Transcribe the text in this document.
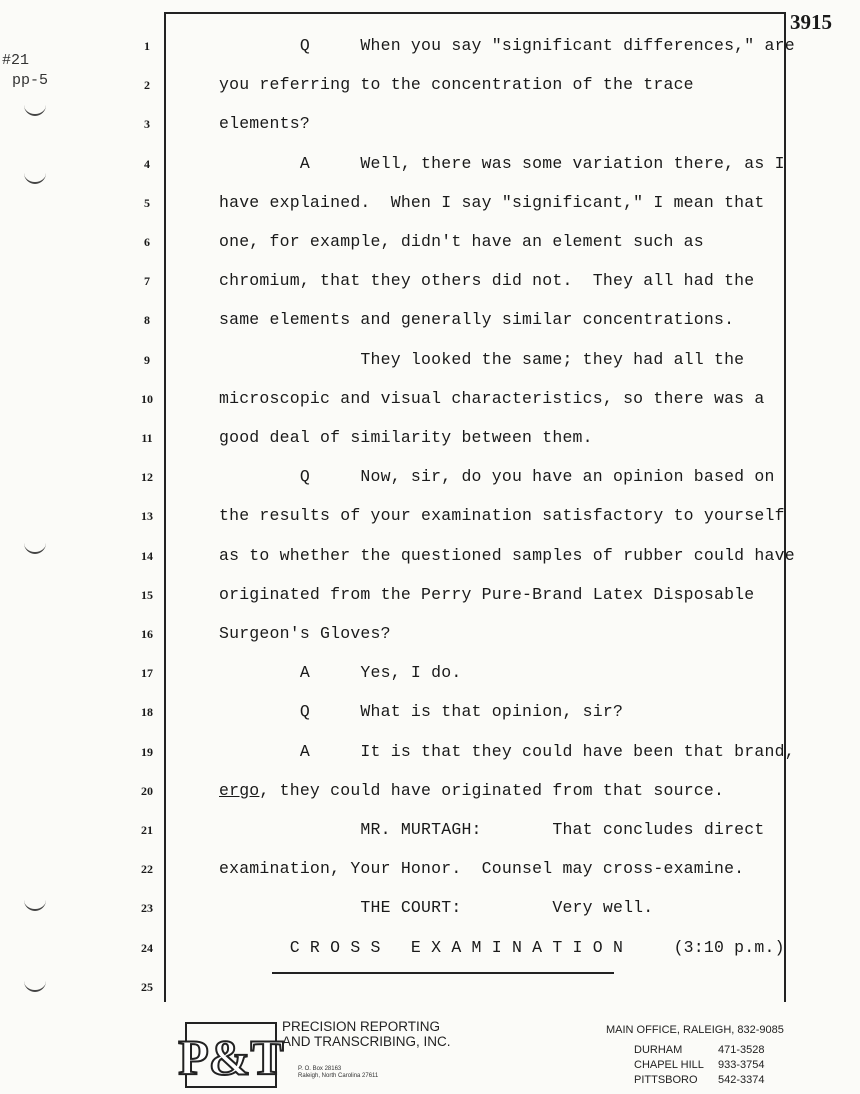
#21
pp-5
3915
1	Q     When you say "significant differences," are
2	you referring to the concentration of the trace
3	elements?
4	A     Well, there was some variation there, as I
5	have explained.  When I say "significant," I mean that
6	one, for example, didn't have an element such as
7	chromium, that they others did not.  They all had the
8	same elements and generally similar concentrations.
9	They looked the same; they had all the
10	microscopic and visual characteristics, so there was a
11	good deal of similarity between them.
12	Q     Now, sir, do you have an opinion based on
13	the results of your examination satisfactory to yourself
14	as to whether the questioned samples of rubber could have
15	originated from the Perry Pure-Brand Latex Disposable
16	Surgeon's Gloves?
17	A     Yes, I do.
18	Q     What is that opinion, sir?
19	A     It is that they could have been that brand,
20	ergo, they could have originated from that source.
21	MR. MURTAGH:       That concludes direct
22	examination, Your Honor.  Counsel may cross-examine.
23	THE COURT:         Very well.
24	C R O S S   E X A M I N A T I O N     (3:10 p.m.)
25
P&T
PRECISION REPORTING
AND TRANSCRIBING, INC.
P. O. Box 28163
Raleigh, North Carolina 27611
MAIN OFFICE, RALEIGH, 832-9085
DURHAM	471-3528
CHAPEL HILL 933-3754
PITTSBORO 542-3374
